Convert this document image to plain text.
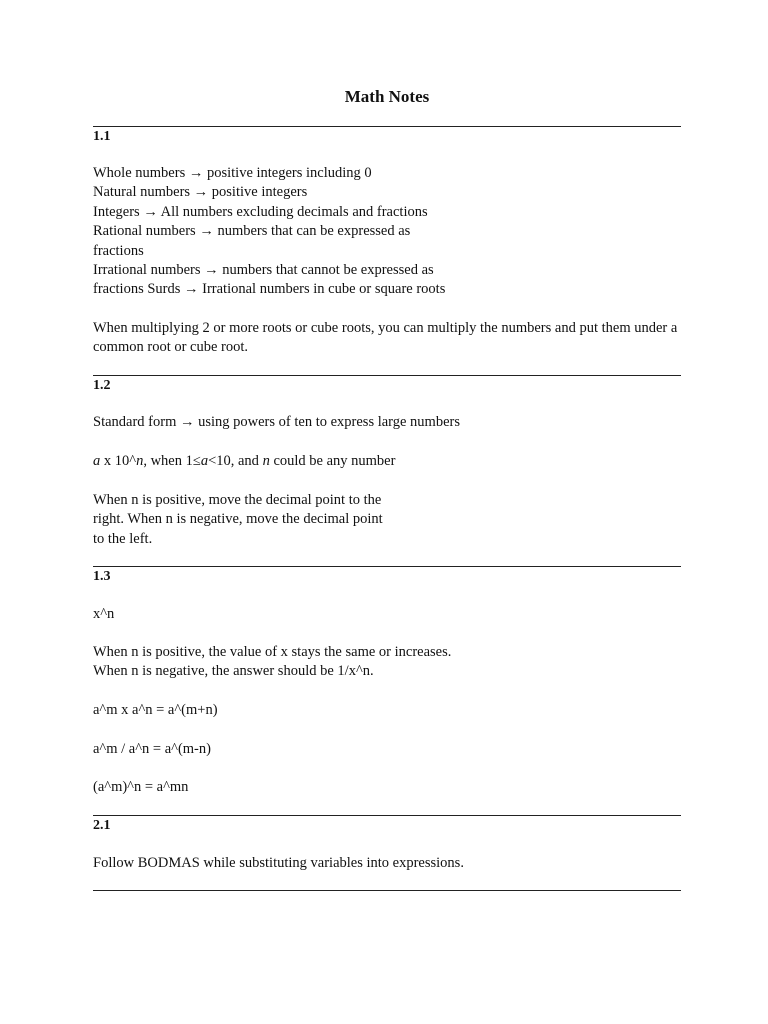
Math Notes
1.1
Whole numbers → positive integers including 0
Natural numbers → positive integers
Integers → All numbers excluding decimals and fractions
Rational numbers → numbers that can be expressed as
fractions
Irrational numbers → numbers that cannot be expressed as
fractions Surds → Irrational numbers in cube or square roots
When multiplying 2 or more roots or cube roots, you can multiply the numbers and put them under a common root or cube root.
1.2
Standard form → using powers of ten to express large numbers
a x 10^n, when 1≤a<10, and n could be any number
When n is positive, move the decimal point to the
right. When n is negative, move the decimal point
to the left.
1.3
x^n
When n is positive, the value of x stays the same or increases.
When n is negative, the answer should be 1/x^n.
a^m x a^n = a^(m+n)
a^m / a^n = a^(m-n)
(a^m)^n = a^mn
2.1
Follow BODMAS while substituting variables into expressions.
